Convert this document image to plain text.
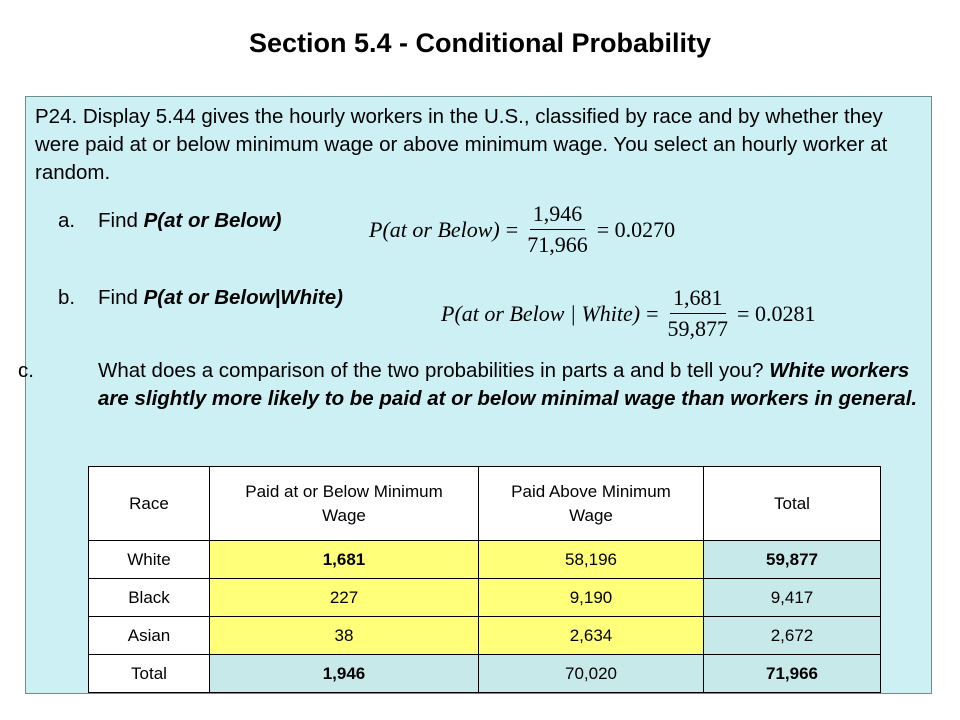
Section 5.4 - Conditional Probability
P24. Display 5.44 gives the hourly workers in the U.S., classified by race and by whether they were paid at or below minimum wage or above minimum wage. You select an hourly worker at random.
a. Find P(at or Below)	P(at or Below) = $\frac{1,946}{71,966} = 0.0270$
b. Find P(at or Below|White)
P(at or Below | White) = $\frac{1,681}{59,877} = 0.0281$
c.	What does a comparison of the two probabilities in parts a and b tell you? White workers are slightly more likely to be paid at or below minimal wage than workers in general.
Race	Paid at or Below Minimum Wage	Paid Above Minimum Wage	Total
White	1,681	58,196	59,877
Black	227	9,190	9,417
Asian	38	2,634	2,672
Total	1,946	70,020	71,966
